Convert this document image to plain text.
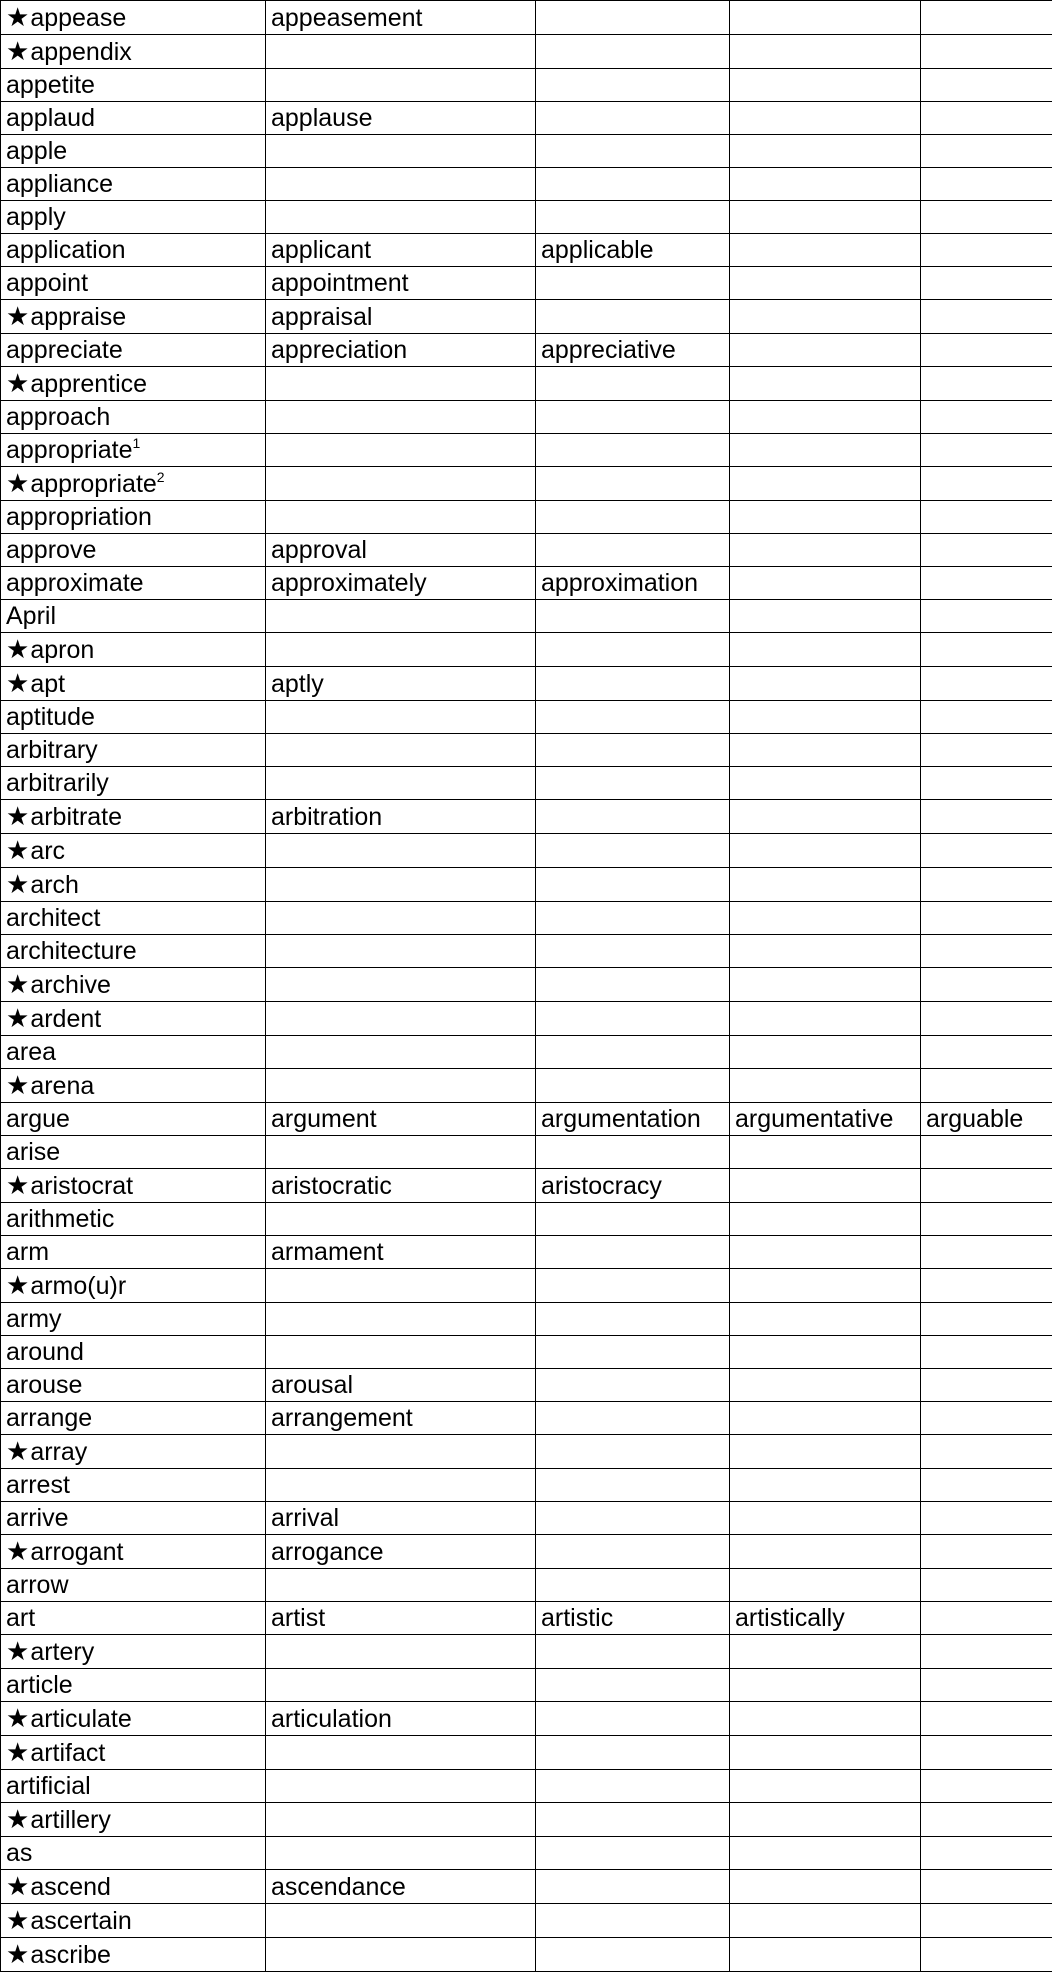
★appease	appeasement			
★appendix				
appetite				
applaud	applause			
apple				
appliance				
apply				
application	applicant	applicable		
appoint	appointment			
★appraise	appraisal			
appreciate	appreciation	appreciative		
★apprentice				
approach				
appropriate$^1$				
★appropriate$^2$				
appropriation				
approve	approval			
approximate	approximately	approximation		
April				
★apron				
★apt	aptly			
aptitude				
arbitrary				
arbitrarily				
★arbitrate	arbitration			
★arc				
★arch				
architect				
architecture				
★archive				
★ardent				
area				
★arena				
argue	argument	argumentation	argumentative	arguable
arise				
★aristocrat	aristocratic	aristocracy		
arithmetic				
arm	armament			
★armo(u)r				
army				
around				
arouse	arousal			
arrange	arrangement			
★array				
arrest				
arrive	arrival			
★arrogant	arrogance			
arrow				
art	artist	artistic	artistically	
★artery				
article				
★articulate	articulation			
★artifact				
artificial				
★artillery				
as				
★ascend	ascendance			
★ascertain				
★ascribe				
